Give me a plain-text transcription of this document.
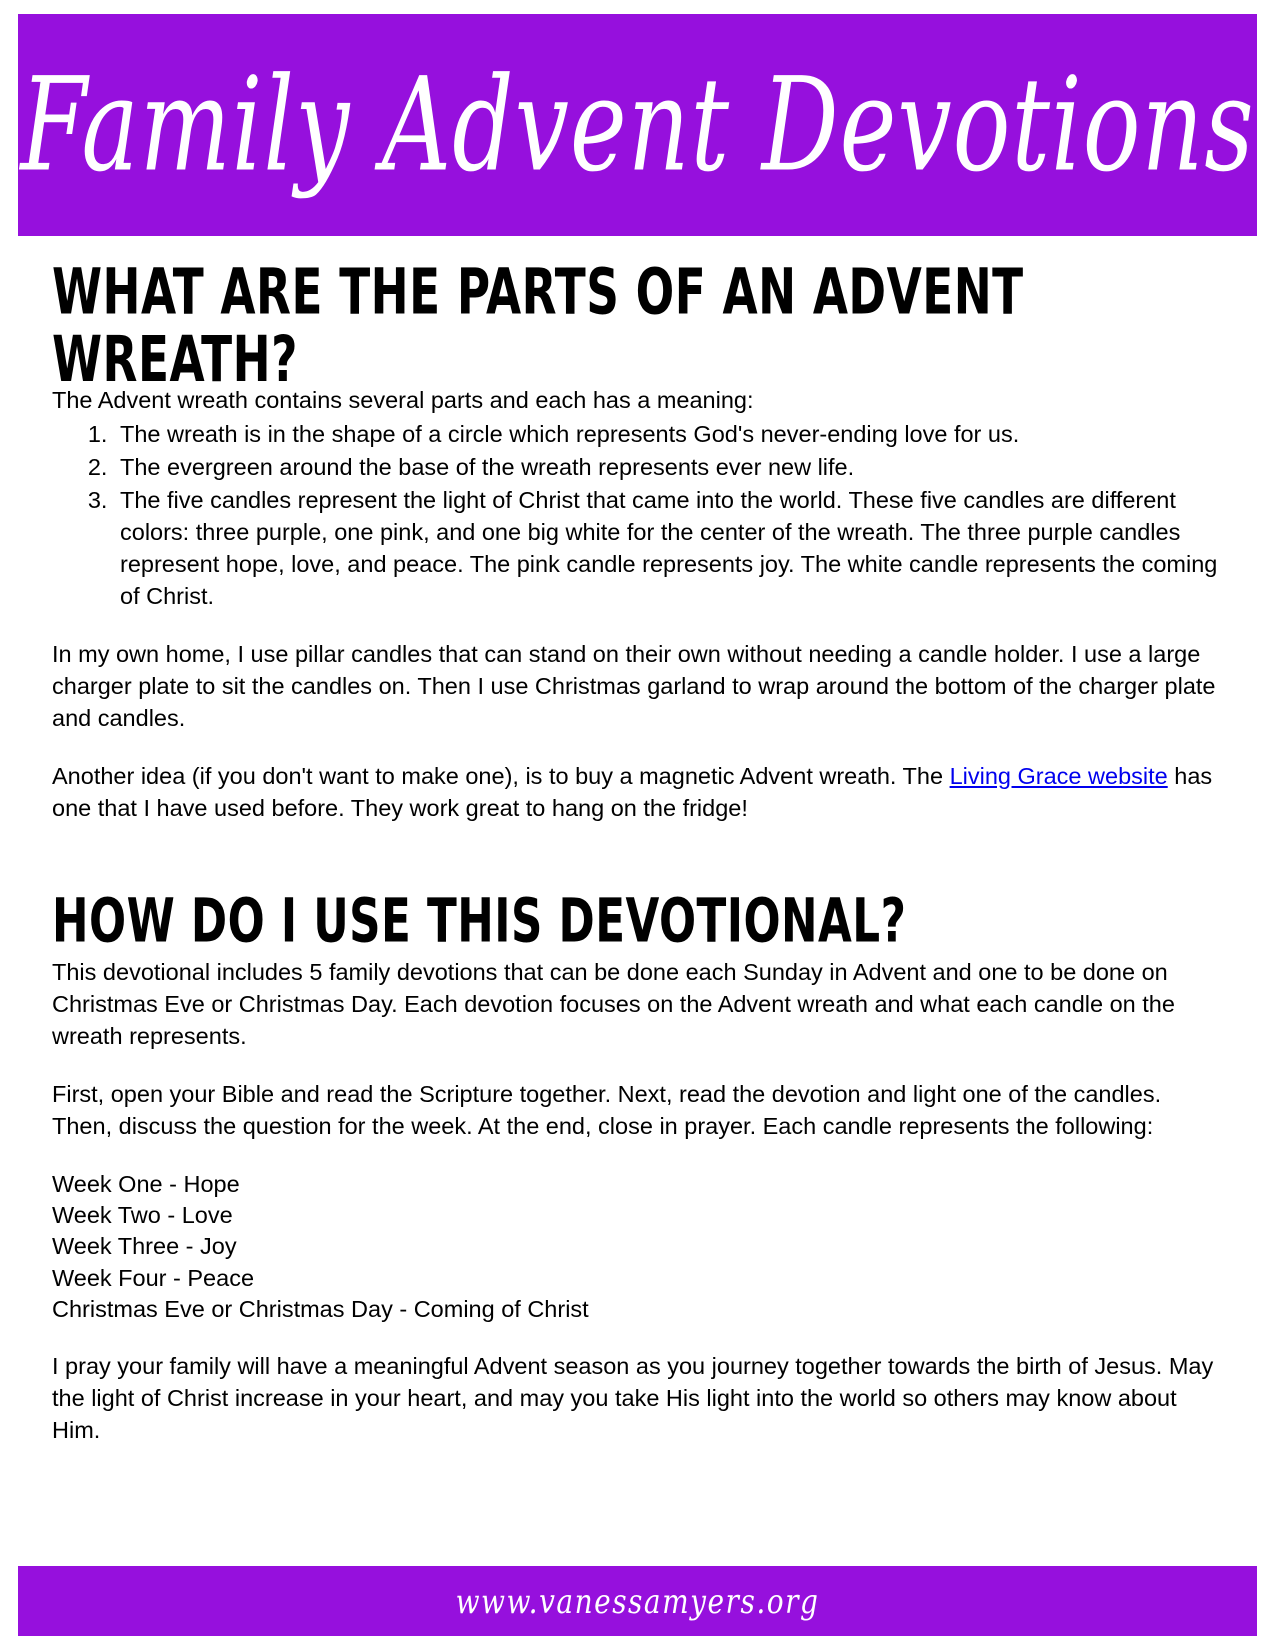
Family Advent Devotions
WHAT ARE THE PARTS OF AN ADVENT WREATH?

The Advent wreath contains several parts and each has a meaning:

1. The wreath is in the shape of a circle which represents God's never-ending love for us.
2. The evergreen around the base of the wreath represents ever new life.
3. The five candles represent the light of Christ that came into the world. These five candles are different colors: three purple, one pink, and one big white for the center of the wreath. The three purple candles represent hope, love, and peace. The pink candle represents joy. The white candle represents the coming of Christ.

In my own home, I use pillar candles that can stand on their own without needing a candle holder. I use a large charger plate to sit the candles on. Then I use Christmas garland to wrap around the bottom of the charger plate and candles.

Another idea (if you don't want to make one), is to buy a magnetic Advent wreath. The Living Grace website has one that I have used before. They work great to hang on the fridge!

HOW DO I USE THIS DEVOTIONAL?

This devotional includes 5 family devotions that can be done each Sunday in Advent and one to be done on Christmas Eve or Christmas Day. Each devotion focuses on the Advent wreath and what each candle on the wreath represents.

First, open your Bible and read the Scripture together. Next, read the devotion and light one of the candles. Then, discuss the question for the week. At the end, close in prayer. Each candle represents the following:

Week One - Hope
Week Two - Love
Week Three - Joy
Week Four - Peace
Christmas Eve or Christmas Day - Coming of Christ

I pray your family will have a meaningful Advent season as you journey together towards the birth of Jesus. May the light of Christ increase in your heart, and may you take His light into the world so others may know about Him.

www.vanessamyers.org
